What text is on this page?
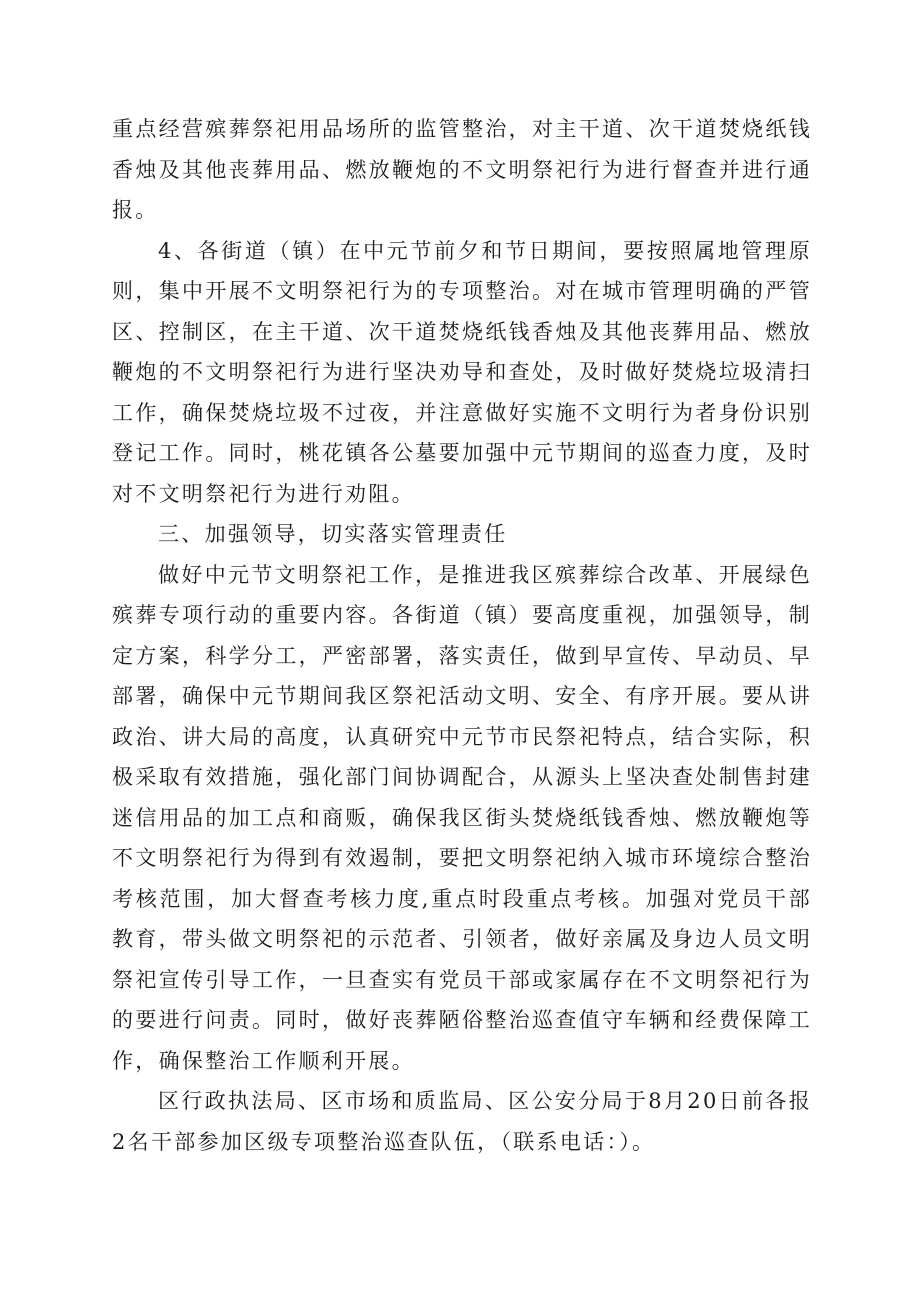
重点经营殡葬祭祀用品场所的监管整治，对主干道、次干道焚烧纸钱香烛及其他丧葬用品、燃放鞭炮的不文明祭祀行为进行督查并进行通报。

4、各街道（镇）在中元节前夕和节日期间，要按照属地管理原则，集中开展不文明祭祀行为的专项整治。对在城市管理明确的严管区、控制区，在主干道、次干道焚烧纸钱香烛及其他丧葬用品、燃放鞭炮的不文明祭祀行为进行坚决劝导和查处，及时做好焚烧垃圾清扫工作，确保焚烧垃圾不过夜，并注意做好实施不文明行为者身份识别登记工作。同时，桃花镇各公墓要加强中元节期间的巡查力度，及时对不文明祭祀行为进行劝阻。

三、加强领导，切实落实管理责任

做好中元节文明祭祀工作，是推进我区殡葬综合改革、开展绿色殡葬专项行动的重要内容。各街道（镇）要高度重视，加强领导，制定方案，科学分工，严密部署，落实责任，做到早宣传、早动员、早部署，确保中元节期间我区祭祀活动文明、安全、有序开展。要从讲政治、讲大局的高度，认真研究中元节市民祭祀特点，结合实际，积极采取有效措施，强化部门间协调配合，从源头上坚决查处制售封建迷信用品的加工点和商贩，确保我区街头焚烧纸钱香烛、燃放鞭炮等不文明祭祀行为得到有效遏制，要把文明祭祀纳入城市环境综合整治考核范围，加大督查考核力度,重点时段重点考核。加强对党员干部教育，带头做文明祭祀的示范者、引领者，做好亲属及身边人员文明祭祀宣传引导工作，一旦查实有党员干部或家属存在不文明祭祀行为的要进行问责。同时，做好丧葬陋俗整治巡查值守车辆和经费保障工作，确保整治工作顺利开展。

区行政执法局、区市场和质监局、区公安分局于8月20日前各报2名干部参加区级专项整治巡查队伍，（联系电话：）。
